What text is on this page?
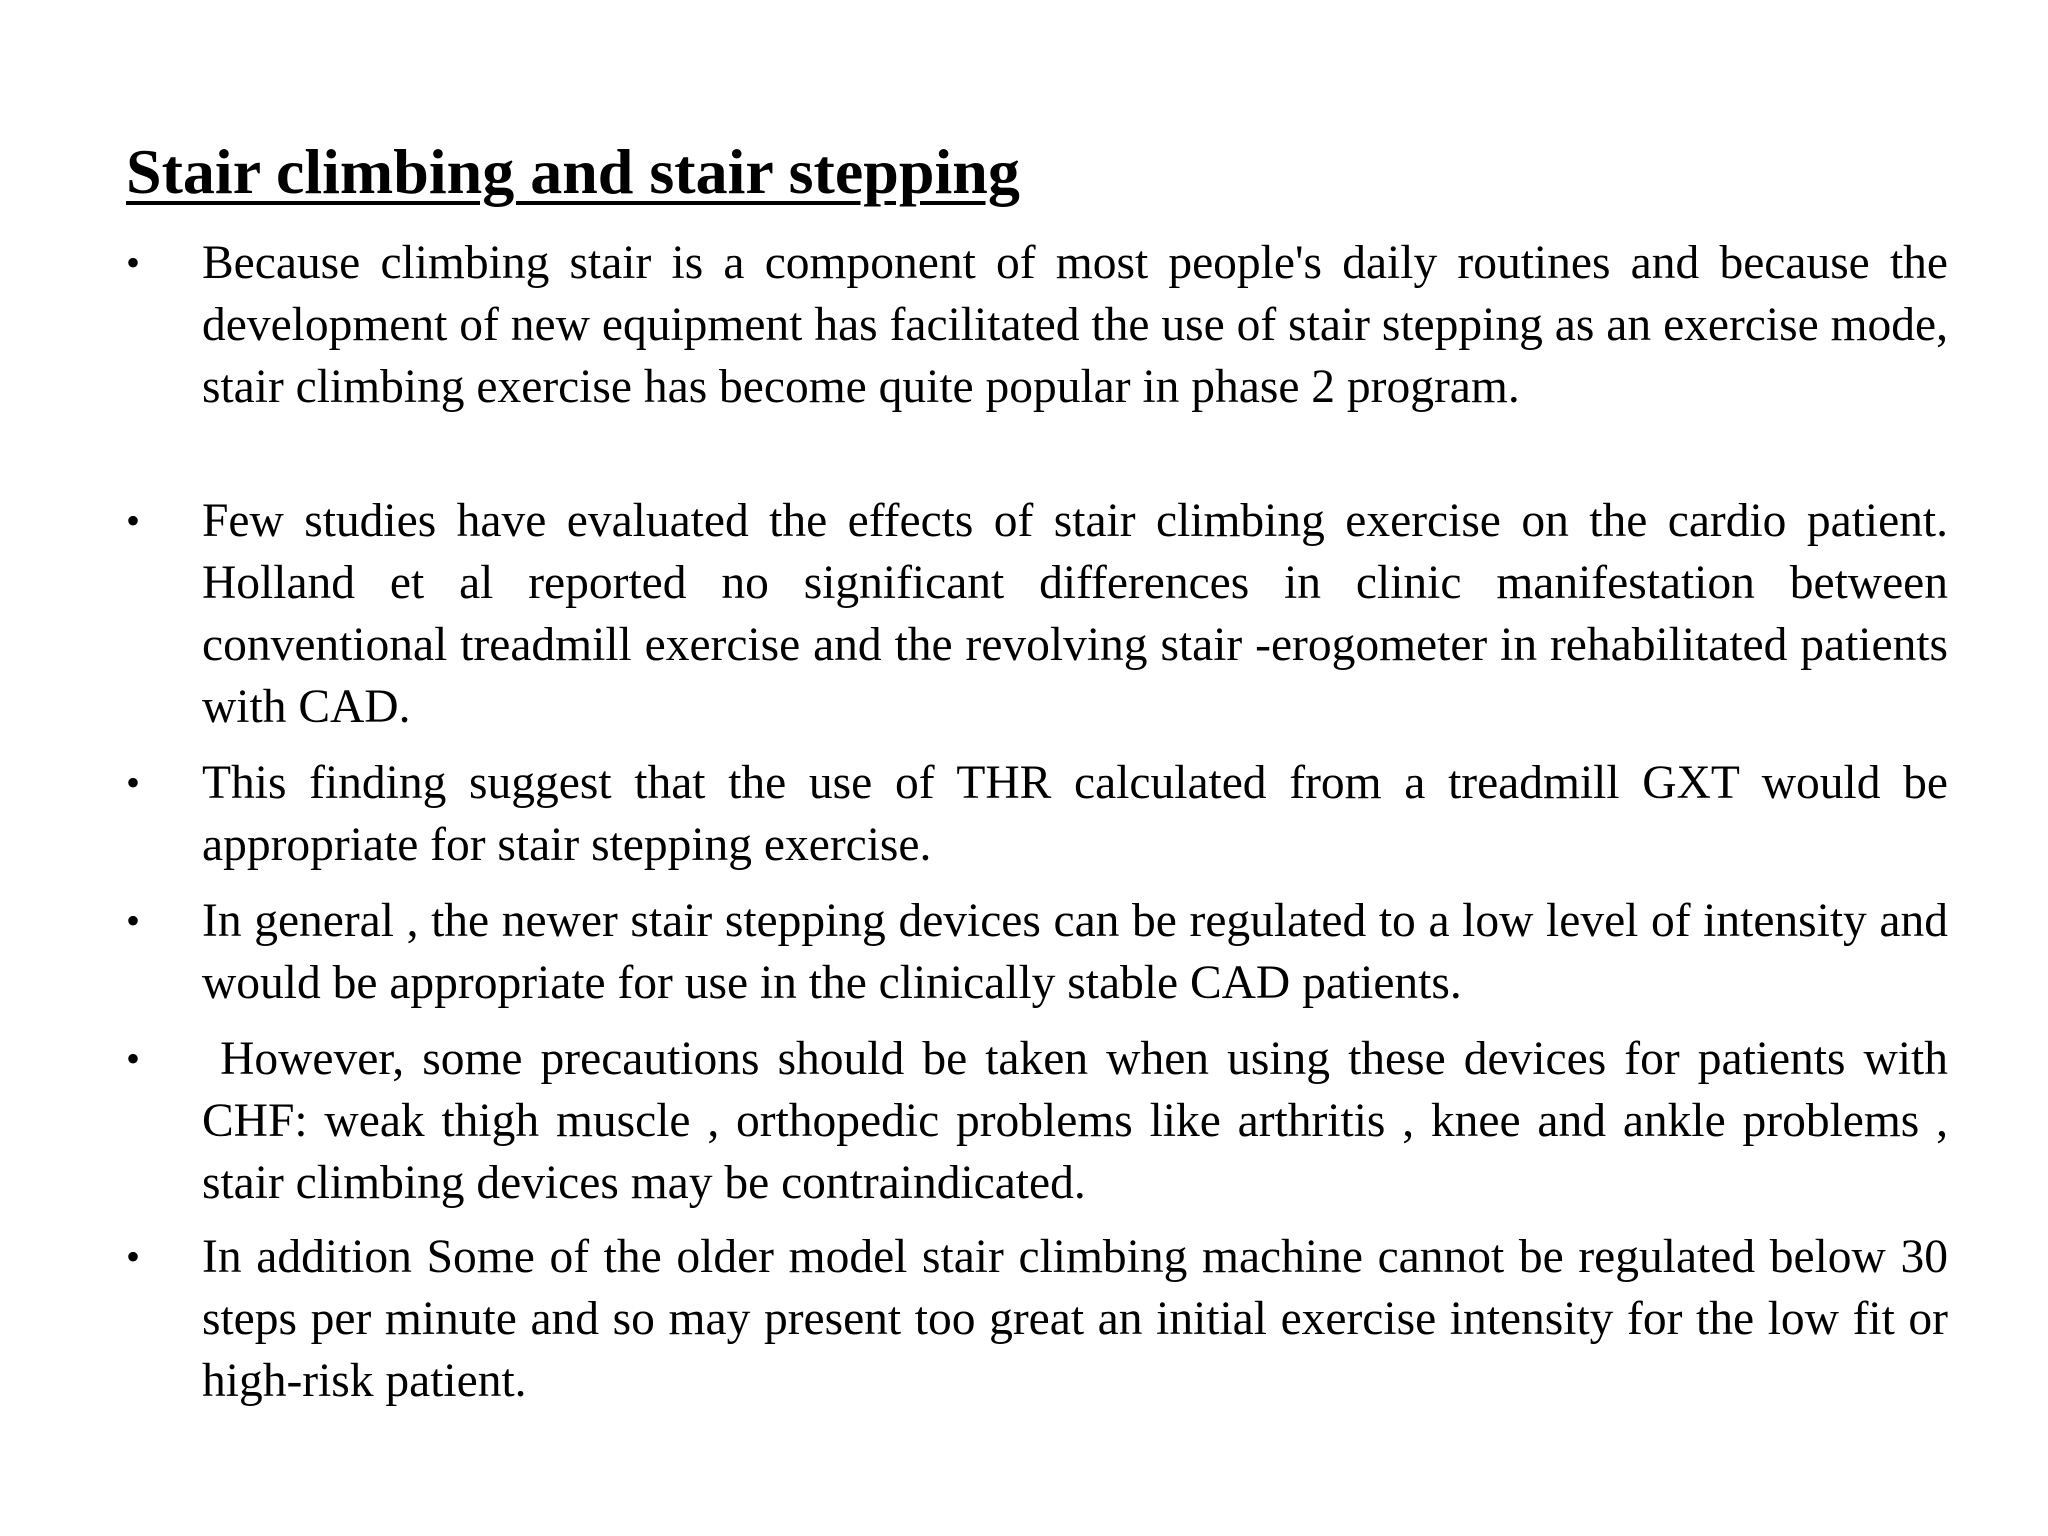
Stair climbing and stair stepping
• Because climbing stair is a component of most people's daily routines and because the development of new equipment has facilitated the use of stair stepping as an exercise mode, stair climbing exercise has become quite popular in phase 2 program.

• Few studies have evaluated the effects of stair climbing exercise on the cardio patient. Holland et al reported no significant differences in clinic manifestation between conventional treadmill exercise and the revolving stair -erogometer in rehabilitated patients with CAD.

• This finding suggest that the use of THR calculated from a treadmill GXT would be appropriate for stair stepping exercise.

• In general , the newer stair stepping devices can be regulated to a low level of intensity and would be appropriate for use in the clinically stable CAD patients.

• However, some precautions should be taken when using these devices for patients with CHF: weak thigh muscle , orthopedic problems like arthritis , knee and ankle problems , stair climbing devices may be contraindicated.

• In addition Some of the older model stair climbing machine cannot be regulated below 30 steps per minute and so may present too great an initial exercise intensity for the low fit or high-risk patient.
